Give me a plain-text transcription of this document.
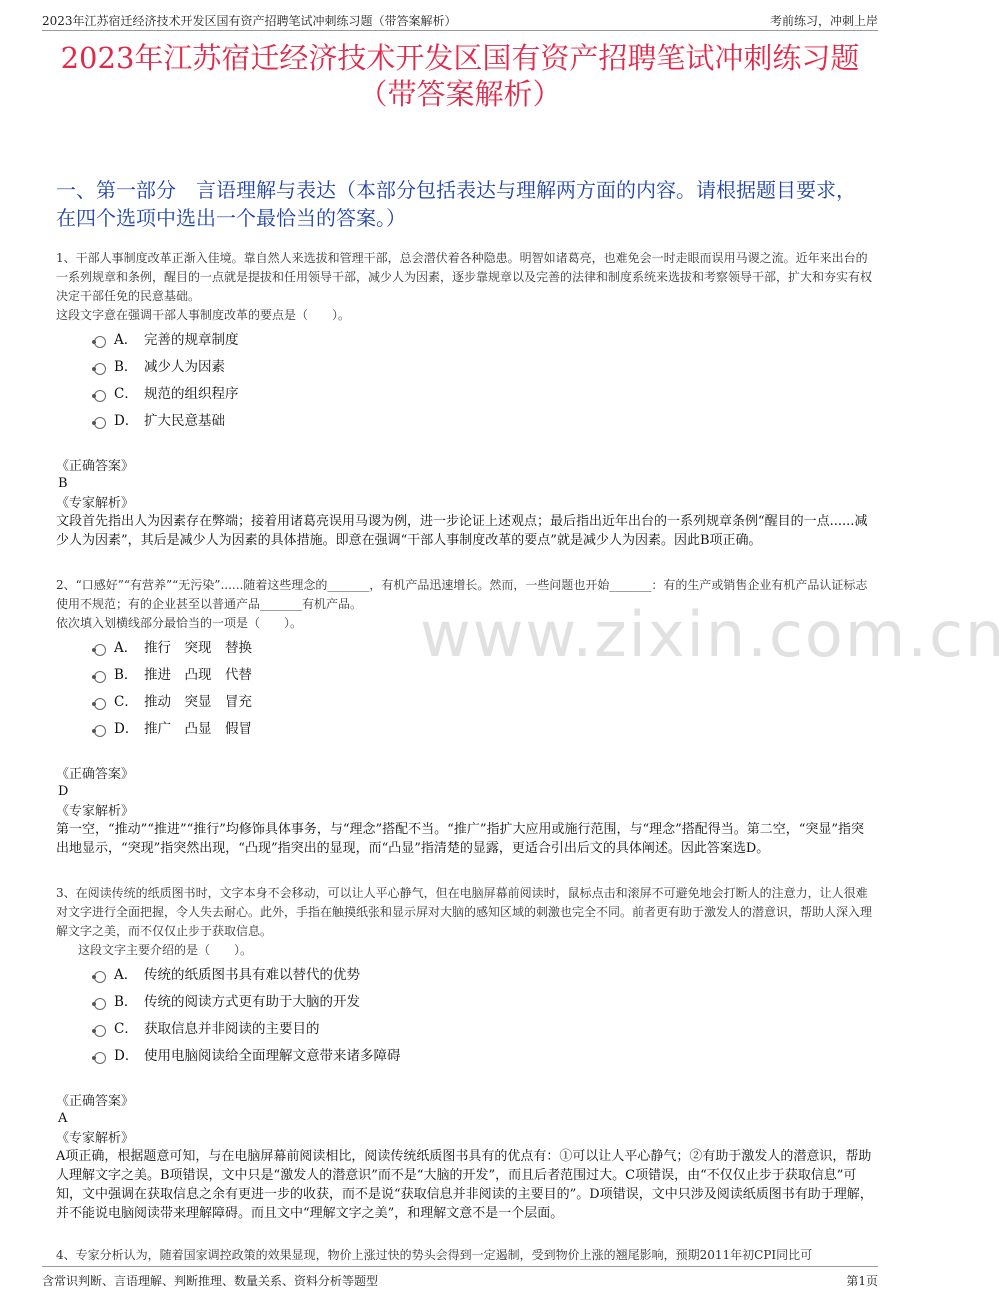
2023年江苏宿迁经济技术开发区国有资产招聘笔试冲刺练习题（带答案解析）	考前练习，冲刺上岸
2023年江苏宿迁经济技术开发区国有资产招聘笔试冲刺练习题
（带答案解析）
一、第一部分　言语理解与表达（本部分包括表达与理解两方面的内容。请根据题目要求，在四个选项中选出一个最恰当的答案。）
www.zixin.com.cn
1、干部人事制度改革正渐入佳境。靠自然人来选拔和管理干部，总会潜伏着各种隐患。明智如诸葛亮，也难免会一时走眼而误用马谡之流。近年来出台的一系列规章和条例，醒目的一点就是提拔和任用领导干部，减少人为因素，逐步靠规章以及完善的法律和制度系统来选拔和考察领导干部，扩大和夯实有权决定干部任免的民意基础。
这段文字意在强调干部人事制度改革的要点是（　　）。
A． 完善的规章制度
B． 减少人为因素
C． 规范的组织程序
D． 扩大民意基础
《正确答案》
B
《专家解析》
文段首先指出人为因素存在弊端；接着用诸葛亮误用马谡为例，进一步论证上述观点；最后指出近年出台的一系列规章条例“醒目的一点......减少人为因素”，其后是减少人为因素的具体措施。即意在强调“干部人事制度改革的要点”就是减少人为因素。因此B项正确。
2、“口感好”“有营养”“无污染”......随着这些理念的_______，有机产品迅速增长。然而，一些问题也开始_______：有的生产或销售企业有机产品认证标志使用不规范；有的企业甚至以普通产品_______有机产品。
依次填入划横线部分最恰当的一项是（　　）。
A． 推行　突现　替换
B． 推进　凸现　代替
C． 推动　突显　冒充
D． 推广　凸显　假冒
《正确答案》
D
《专家解析》
第一空，“推动”“推进”“推行”均修饰具体事务，与“理念”搭配不当。“推广”指扩大应用或施行范围，与“理念”搭配得当。第二空，“突显”指突出地显示，“突现”指突然出现，“凸现”指突出的显现，而“凸显”指清楚的显露，更适合引出后文的具体阐述。因此答案选D。
3、在阅读传统的纸质图书时，文字本身不会移动，可以让人平心静气，但在电脑屏幕前阅读时，鼠标点击和滚屏不可避免地会打断人的注意力，让人很难对文字进行全面把握，令人失去耐心。此外，手指在触摸纸张和显示屏对大脑的感知区域的刺激也完全不同。前者更有助于激发人的潜意识，帮助人深入理解文字之美，而不仅仅止步于获取信息。
这段文字主要介绍的是（　　）。
A． 传统的纸质图书具有难以替代的优势
B． 传统的阅读方式更有助于大脑的开发
C． 获取信息并非阅读的主要目的
D． 使用电脑阅读给全面理解文意带来诸多障碍
《正确答案》
A
《专家解析》
A项正确，根据题意可知，与在电脑屏幕前阅读相比，阅读传统纸质图书具有的优点有：①可以让人平心静气；②有助于激发人的潜意识，帮助人理解文字之美。B项错误，文中只是“激发人的潜意识”而不是“大脑的开发”，而且后者范围过大。C项错误，由“不仅仅止步于获取信息”可知，文中强调在获取信息之余有更进一步的收获，而不是说“获取信息并非阅读的主要目的”。D项错误，文中只涉及阅读纸质图书有助于理解，并不能说电脑阅读带来理解障碍。而且文中“理解文字之美”，和理解文意不是一个层面。
4、专家分析认为，随着国家调控政策的效果显现，物价上涨过快的势头会得到一定遏制，受到物价上涨的翘尾影响，预期2011年初CPI同比可
含常识判断、言语理解、判断推理、数量关系、资料分析等题型	第1页
